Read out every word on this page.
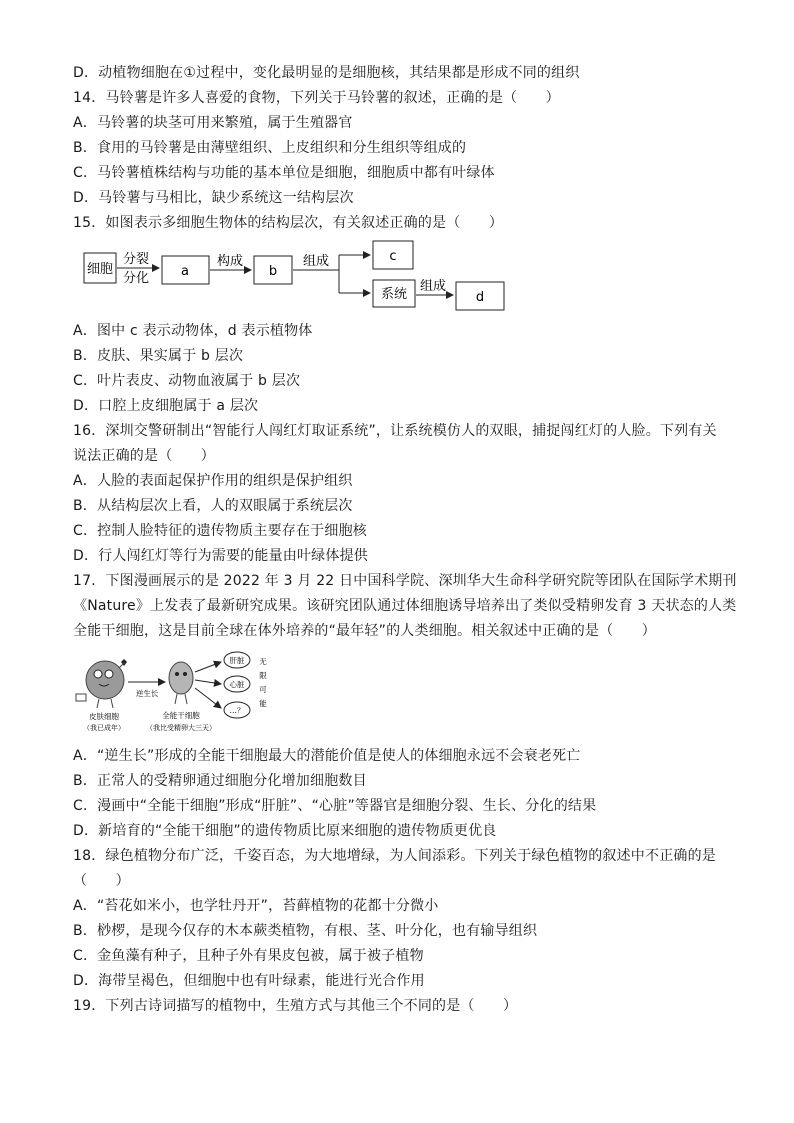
D．动植物细胞在①过程中，变化最明显的是细胞核，其结果都是形成不同的组织
14．马铃薯是许多人喜爱的食物，下列关于马铃薯的叙述，正确的是（　　）
A．马铃薯的块茎可用来繁殖，属于生殖器官
B．食用的马铃薯是由薄壁组织、上皮组织和分生组织等组成的
C．马铃薯植株结构与功能的基本单位是细胞，细胞质中都有叶绿体
D．马铃薯与马相比，缺少系统这一结构层次
15．如图表示多细胞生物体的结构层次，有关叙述正确的是（　　）
细胞
分裂
分化 a
构成
b
组成	c
系统
组成
d
A．图中 c 表示动物体，d 表示植物体
B．皮肤、果实属于 b 层次
C．叶片表皮、动物血液属于 b 层次
D．口腔上皮细胞属于 a 层次
16．深圳交警研制出“智能行人闯红灯取证系统”，让系统模仿人的双眼，捕捉闯红灯的人脸。下列有关
说法正确的是（　　）
A．人脸的表面起保护作用的组织是保护组织
B．从结构层次上看，人的双眼属于系统层次
C．控制人脸特征的遗传物质主要存在于细胞核
D．行人闯红灯等行为需要的能量由叶绿体提供
17．下图漫画展示的是 2022 年 3 月 22 日中国科学院、深圳华大生命科学研究院等团队在国际学术期刊
《Nature》上发表了最新研究成果。该研究团队通过体细胞诱导培养出了类似受精卵发育 3 天状态的人类
全能干细胞，这是目前全球在体外培养的“最年轻”的人类细胞。相关叙述中正确的是（　　）
皮肤细胞
（我已成年）
逆生长
全能干细胞
（我比受精卵大三天）
肝脏
心脏
…？
无
限
可
能
A．“逆生长”形成的全能干细胞最大的潜能价值是使人的体细胞永远不会衰老死亡
B．正常人的受精卵通过细胞分化增加细胞数目
C．漫画中“全能干细胞”形成“肝脏”、“心脏”等器官是细胞分裂、生长、分化的结果
D．新培育的“全能干细胞”的遗传物质比原来细胞的遗传物质更优良
18．绿色植物分布广泛，千姿百态，为大地增绿，为人间添彩。下列关于绿色植物的叙述中不正确的是
（　　）
A．“苔花如米小，也学牡丹开”，苔藓植物的花都十分微小
B．桫椤，是现今仅存的木本蕨类植物，有根、茎、叶分化，也有输导组织
C．金鱼藻有种子，且种子外有果皮包被，属于被子植物
D．海带呈褐色，但细胞中也有叶绿素，能进行光合作用
19．下列古诗词描写的植物中，生殖方式与其他三个不同的是（　　）
